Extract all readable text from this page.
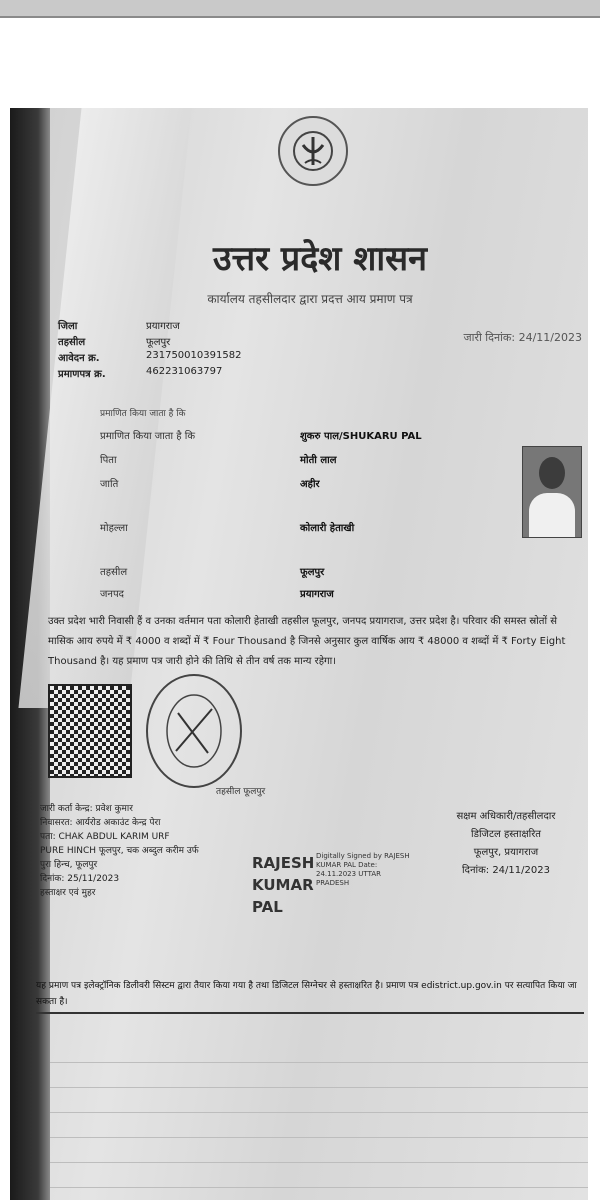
उत्तर प्रदेश शासन
कार्यालय तहसीलदार द्वारा प्रदत्त आय प्रमाण पत्र
जारी दिनांक: 24/11/2023
जिला	प्रयागराज
तहसील	फूलपुर
आवेदन क्र.	231750010391582
प्रमाणपत्र क्र.	462231063797
प्रमाणित किया जाता है कि
प्रमाणित किया जाता है कि	शुकरु पाल/SHUKARU PAL
पिता	मोती लाल
जाति	अहीर
मोहल्ला	कोलारी हेताखी
तहसील	फूलपुर
जनपद	प्रयागराज
उक्त प्रदेश भारी निवासी हैं व उनका वर्तमान पता कोलारी हेताखी तहसील फूलपुर, जनपद प्रयागराज, उत्तर प्रदेश है। परिवार की समस्त स्रोतों से मासिक आय रुपये में ₹ 4000 व शब्दों में ₹ Four Thousand है जिनसे अनुसार कुल वार्षिक आय ₹ 48000 व शब्दों में ₹ Forty Eight Thousand है। यह प्रमाण पत्र जारी होने की तिथि से तीन वर्ष तक मान्य रहेगा।
तहसील फूलपुर
जारी कर्ता केन्द्र: प्रवेश कुमार
निवासरत: आर्यरोड अकाउंट केन्द्र पेरा
पता: CHAK ABDUL KARIM URF
PURE HINCH फूलपुर, चक अब्दुल करीम उर्फ
पुरा हिन्च, फूलपुर
दिनांक: 25/11/2023
हस्ताक्षर एवं मुहर
RAJESH
KUMAR
PAL
Digitally Signed by RAJESH KUMAR PAL Date: 24.11.2023 UTTAR PRADESH
सक्षम अधिकारी/तहसीलदार
डिजिटल हस्ताक्षरित
फूलपुर, प्रयागराज
दिनांक: 24/11/2023
यह प्रमाण पत्र इलेक्ट्रॉनिक डिलीवरी सिस्टम द्वारा तैयार किया गया है तथा डिजिटल सिग्नेचर से हस्ताक्षरित है। प्रमाण पत्र edistrict.up.gov.in पर सत्यापित किया जा सकता है।
